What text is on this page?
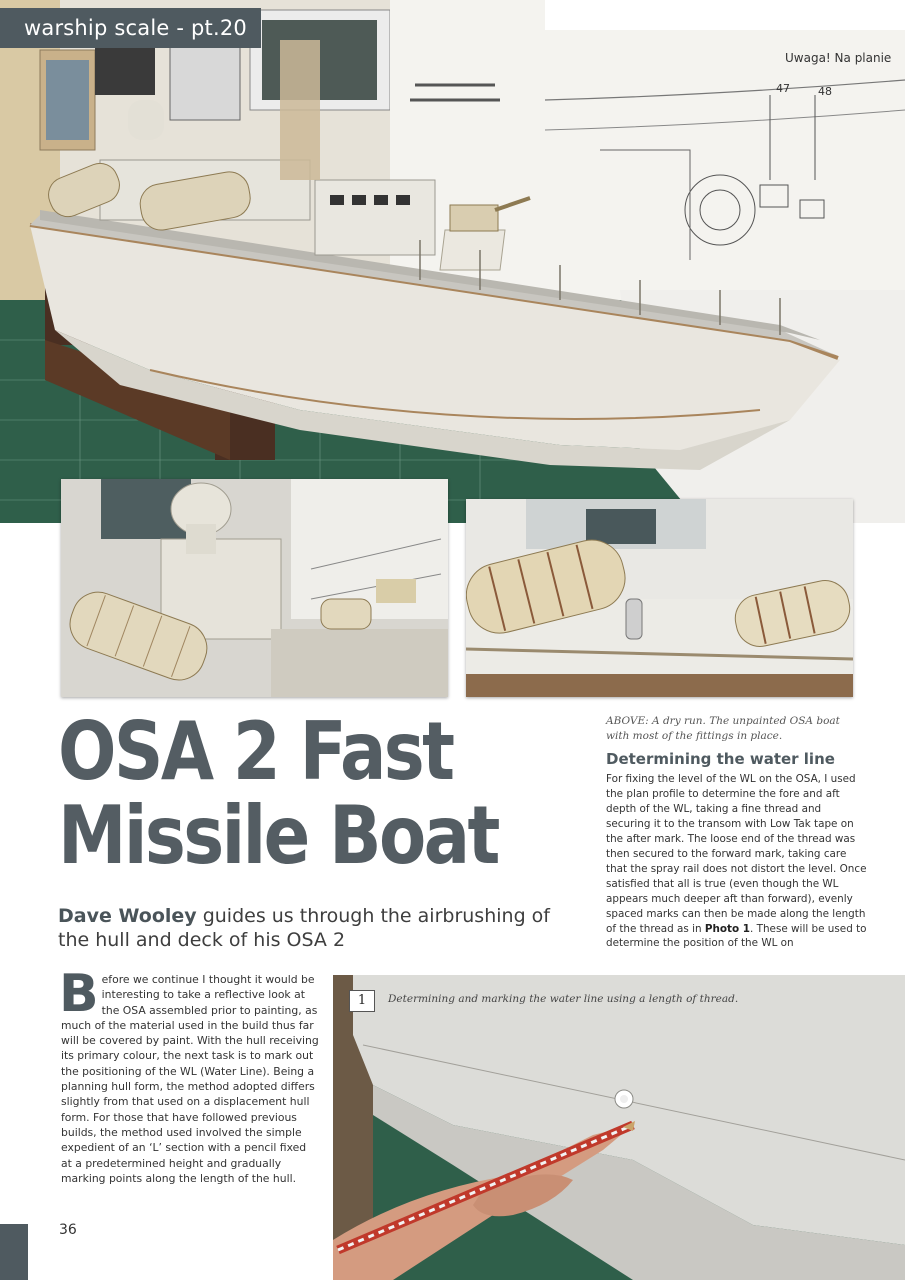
Uwaga! Na planie
47	48
warship scale - pt.20
OSA 2 Fast
Missile Boat
Dave Wooley guides us through the airbrushing of the hull and deck of his OSA 2
ABOVE: A dry run. The unpainted OSA boat with most of the fittings in place.
Determining the water line
For fixing the level of the WL on the OSA, I used the plan profile to determine the fore and aft depth of the WL, taking a fine thread and securing it to the transom with Low Tak tape on the after mark. The loose end of the thread was then secured to the forward mark, taking care that the spray rail does not distort the level. Once satisfied that all is true (even though the WL appears much deeper aft than forward), evenly spaced marks can then be made along the length of the thread as in Photo 1. These will be used to determine the position of the WL on
Before we continue I thought it would be interesting to take a reflective look at the OSA assembled prior to painting, as much of the material used in the build thus far will be covered by paint. With the hull receiving its primary colour, the next task is to mark out the positioning of the WL (Water Line). Being a planning hull form, the method adopted differs slightly from that used on a displacement hull form. For those that have followed previous builds, the method used involved the simple expedient of an ‘L’ section with a pencil fixed at a predetermined height and gradually marking points along the length of the hull.
1	Determining and marking the water line using a length of thread.
36
